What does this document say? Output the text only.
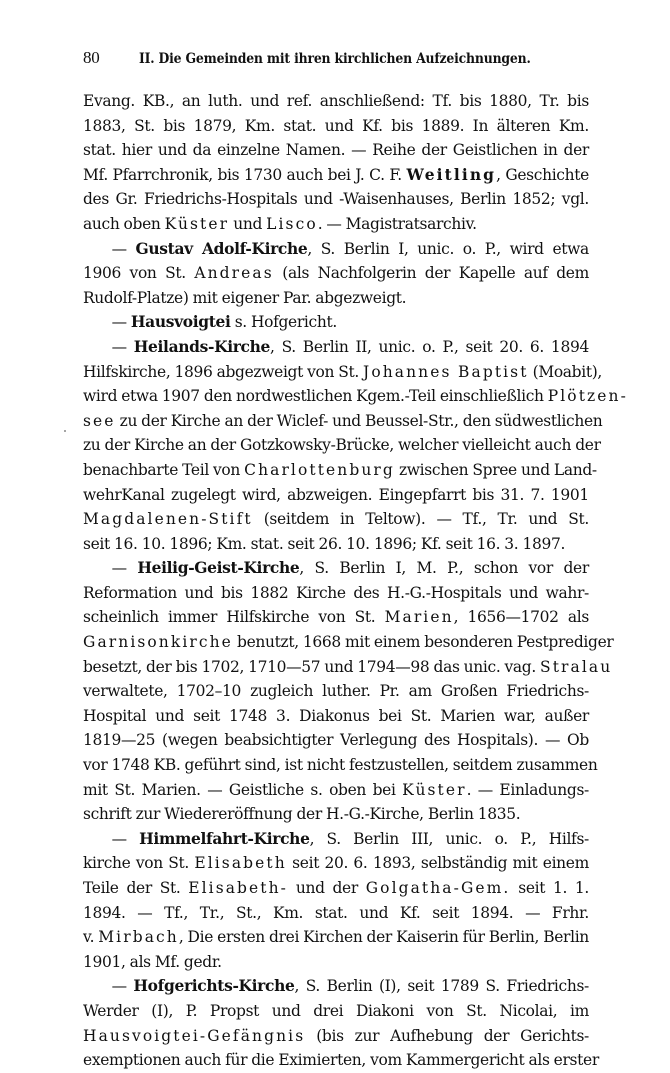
80	II. Die Gemeinden mit ihren kirchlichen Aufzeichnungen.
Evang. KB., an luth. und ref. anschließend: Tf. bis 1880, Tr. bis
1883, St. bis 1879, Km. stat. und Kf. bis 1889. In älteren Km.
stat. hier und da einzelne Namen. — Reihe der Geistlichen in der
Mf. Pfarrchronik, bis 1730 auch bei J. C. F. Weitling, Geschichte
des Gr. Friedrichs-Hospitals und -Waisenhauses, Berlin 1852; vgl.
auch oben Küster und Lisco. — Magistratsarchiv.
— Gustav Adolf-Kirche, S. Berlin I, unic. o. P., wird etwa
1906 von St. Andreas (als Nachfolgerin der Kapelle auf dem
Rudolf-Platze) mit eigener Par. abgezweigt.
— Hausvoigtei s. Hofgericht.
— Heilands-Kirche, S. Berlin II, unic. o. P., seit 20. 6. 1894
Hilfskirche, 1896 abgezweigt von St. Johannes Baptist (Moabit),
wird etwa 1907 den nordwestlichen Kgem.-Teil einschließlich Plötzen-
see zu der Kirche an der Wiclef- und Beussel-Str., den südwestlichen
zu der Kirche an der Gotzkowsky-Brücke, welcher vielleicht auch der
benachbarte Teil von Charlottenburg zwischen Spree und Land-
wehrKanal zugelegt wird, abzweigen. Eingepfarrt bis 31. 7. 1901
Magdalenen-Stift (seitdem in Teltow). — Tf., Tr. und St.
seit 16. 10. 1896; Km. stat. seit 26. 10. 1896; Kf. seit 16. 3. 1897.
— Heilig-Geist-Kirche, S. Berlin I, M. P., schon vor der
Reformation und bis 1882 Kirche des H.-G.-Hospitals und wahr-
scheinlich immer Hilfskirche von St. Marien, 1656—1702 als
Garnisonkirche benutzt, 1668 mit einem besonderen Pestprediger
besetzt, der bis 1702, 1710—57 und 1794—98 das unic. vag. Stralau
verwaltete, 1702–10 zugleich luther. Pr. am Großen Friedrichs-
Hospital und seit 1748 3. Diakonus bei St. Marien war, außer
1819—25 (wegen beabsichtigter Verlegung des Hospitals). — Ob
vor 1748 KB. geführt sind, ist nicht festzustellen, seitdem zusammen
mit St. Marien. — Geistliche s. oben bei Küster. — Einladungs-
schrift zur Wiedereröffnung der H.-G.-Kirche, Berlin 1835.
— Himmelfahrt-Kirche, S. Berlin III, unic. o. P., Hilfs-
kirche von St. Elisabeth seit 20. 6. 1893, selbständig mit einem
Teile der St. Elisabeth- und der Golgatha-Gem. seit 1. 1.
1894. — Tf., Tr., St., Km. stat. und Kf. seit 1894. — Frhr.
v. Mirbach, Die ersten drei Kirchen der Kaiserin für Berlin, Berlin
1901, als Mf. gedr.
— Hofgerichts-Kirche, S. Berlin (I), seit 1789 S. Friedrichs-
Werder (I), P. Propst und drei Diakoni von St. Nicolai, im
Hausvoigtei-Gefängnis (bis zur Aufhebung der Gerichts-
exemptionen auch für die Eximierten, vom Kammergericht als erster
